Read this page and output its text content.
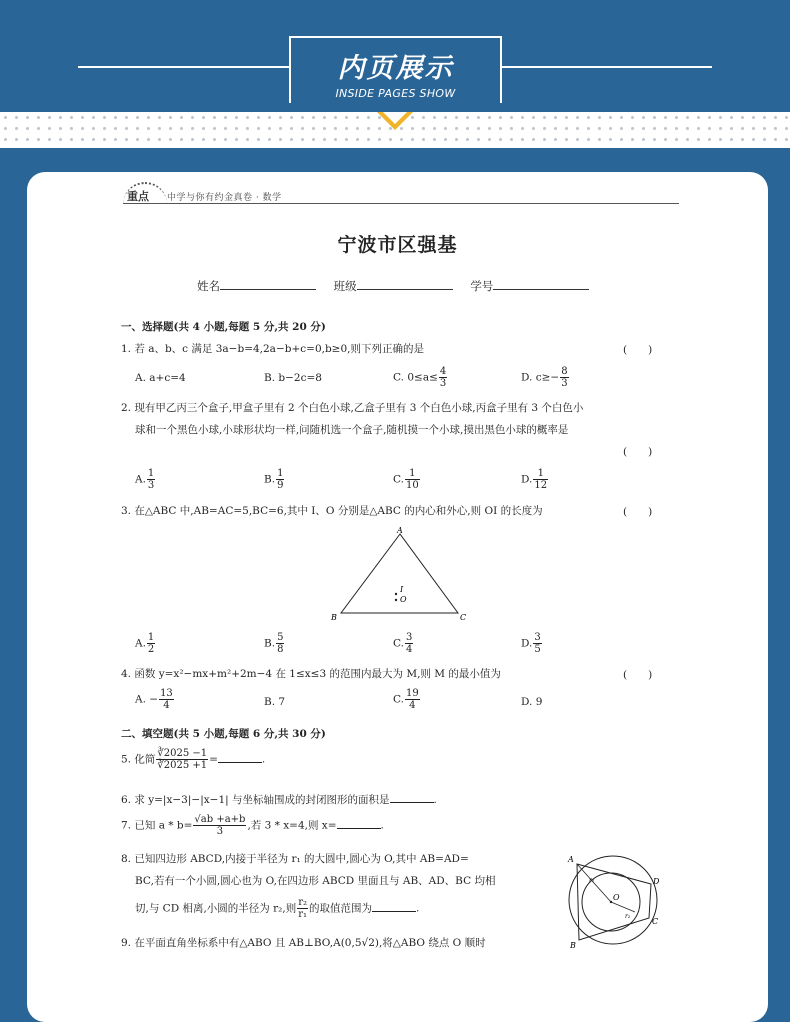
内页展示
INSIDE PAGES SHOW
重点 中学与你有约金真卷 · 数学
宁波市区强基
姓名	班级	学号
一、选择题(共 4 小题,每题 5 分,共 20 分)
1. 若 a、b、c 满足 3a−b=4,2a−b+c=0,b≥0,则下列正确的是	(　　)
A. a+c=4	B. b−2c=8	C. $0\le a\le \frac{4}{3}$	D. $c\ge- \frac{8}{3}$
2. 现有甲乙丙三个盒子,甲盒子里有 2 个白色小球,乙盒子里有 3 个白色小球,丙盒子里有 3 个白色小
球和一个黑色小球,小球形状均一样,问随机选一个盒子,随机摸一个小球,摸出黑色小球的概率是
(　　)
A. $\frac{1}{3}$	B. $\frac{1}{9}$	C. $\frac{1}{10}$	D. $\frac{1}{12}$
3. 在△ABC 中,AB=AC=5,BC=6,其中 I、O 分别是△ABC 的内心和外心,则 OI 的长度为	(　　)
A
B	C
I
O
A. $\frac{1}{2}$	B. $\frac{5}{8}$	C. $\frac{3}{4}$	D. $\frac{3}{5}$
4. 函数 y=x²−mx+m²+2m−4 在 1≤x≤3 的范围内最大为 M,则 M 的最小值为	(　　)
A. − $\frac{13}{4}$	B. 7	C. $\frac{19}{4}$	D. 9
二、填空题(共 5 小题,每题 6 分,共 30 分)
5. 化简 $\frac{∛2025 -1}{∛2025 +1}$ =	.
6. 求 y=|x−3|−|x−1| 与坐标轴围成的封闭图形的面积是	.
7. 已知 $a * b= \frac{√ab +a+b}{3}$ ,若 3 * x=4,则 x=	.
8. 已知四边形 ABCD,内接于半径为 r₁ 的大圆中,圆心为 O,其中 AB=AD=
BC,若有一个小圆,圆心也为 O,在四边形 ABCD 里面且与 AB、AD、BC 均相
切,与 CD 相离,小圆的半径为 r₂,则 $\frac{\text{r₂}}{\text{r₁}}$ 的取值范围为	.
A
B
C
D
O
r₁
r₂
9. 在平面直角坐标系中有△ABO 且 AB⊥BO,A(0,5√2),将△ABO 绕点 O 顺时
